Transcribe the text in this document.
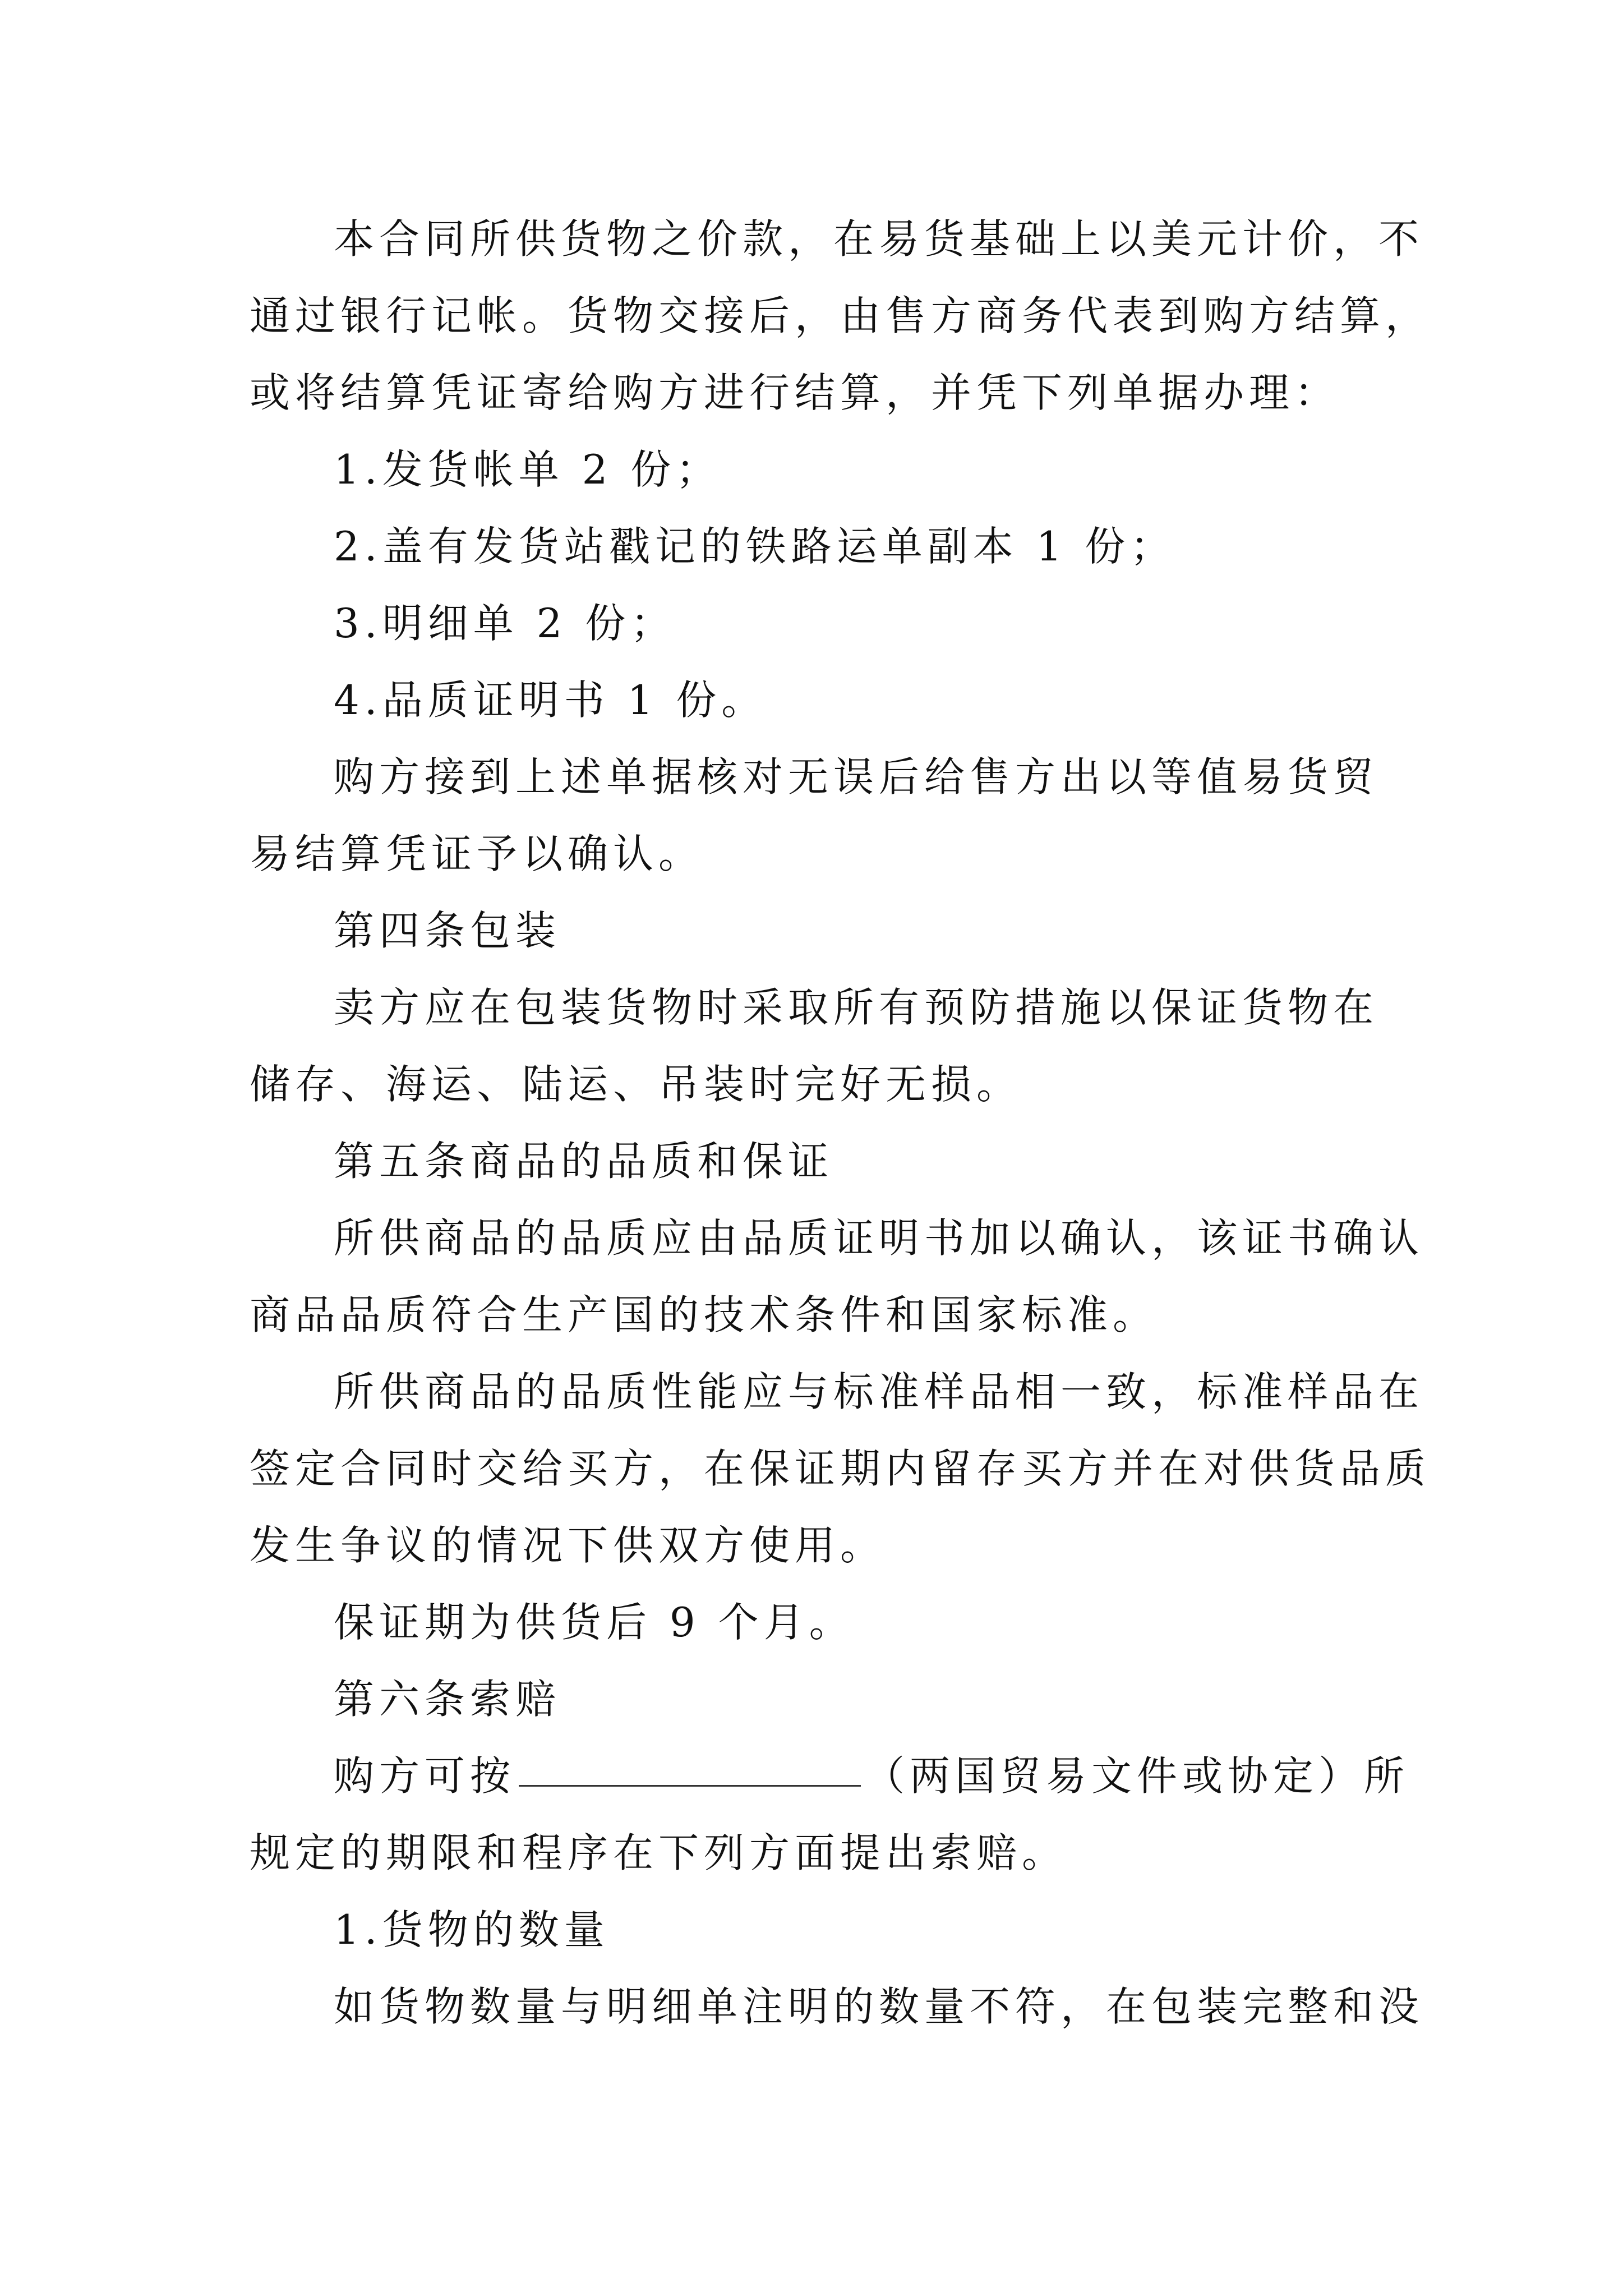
本合同所供货物之价款，在易货基础上以美元计价，不
通过银行记帐。货物交接后，由售方商务代表到购方结算，
或将结算凭证寄给购方进行结算，并凭下列单据办理：
1.发货帐单 2 份；
2.盖有发货站戳记的铁路运单副本 1 份；
3.明细单 2 份；
4.品质证明书 1 份。
购方接到上述单据核对无误后给售方出以等值易货贸
易结算凭证予以确认。
第四条包装
卖方应在包装货物时采取所有预防措施以保证货物在
储存、海运、陆运、吊装时完好无损。
第五条商品的品质和保证
所供商品的品质应由品质证明书加以确认，该证书确认
商品品质符合生产国的技术条件和国家标准。
所供商品的品质性能应与标准样品相一致，标准样品在
签定合同时交给买方，在保证期内留存买方并在对供货品质
发生争议的情况下供双方使用。
保证期为供货后 9 个月。
第六条索赔
购方可按	（两国贸易文件或协定）所
规定的期限和程序在下列方面提出索赔。
1.货物的数量
如货物数量与明细单注明的数量不符，在包装完整和没
